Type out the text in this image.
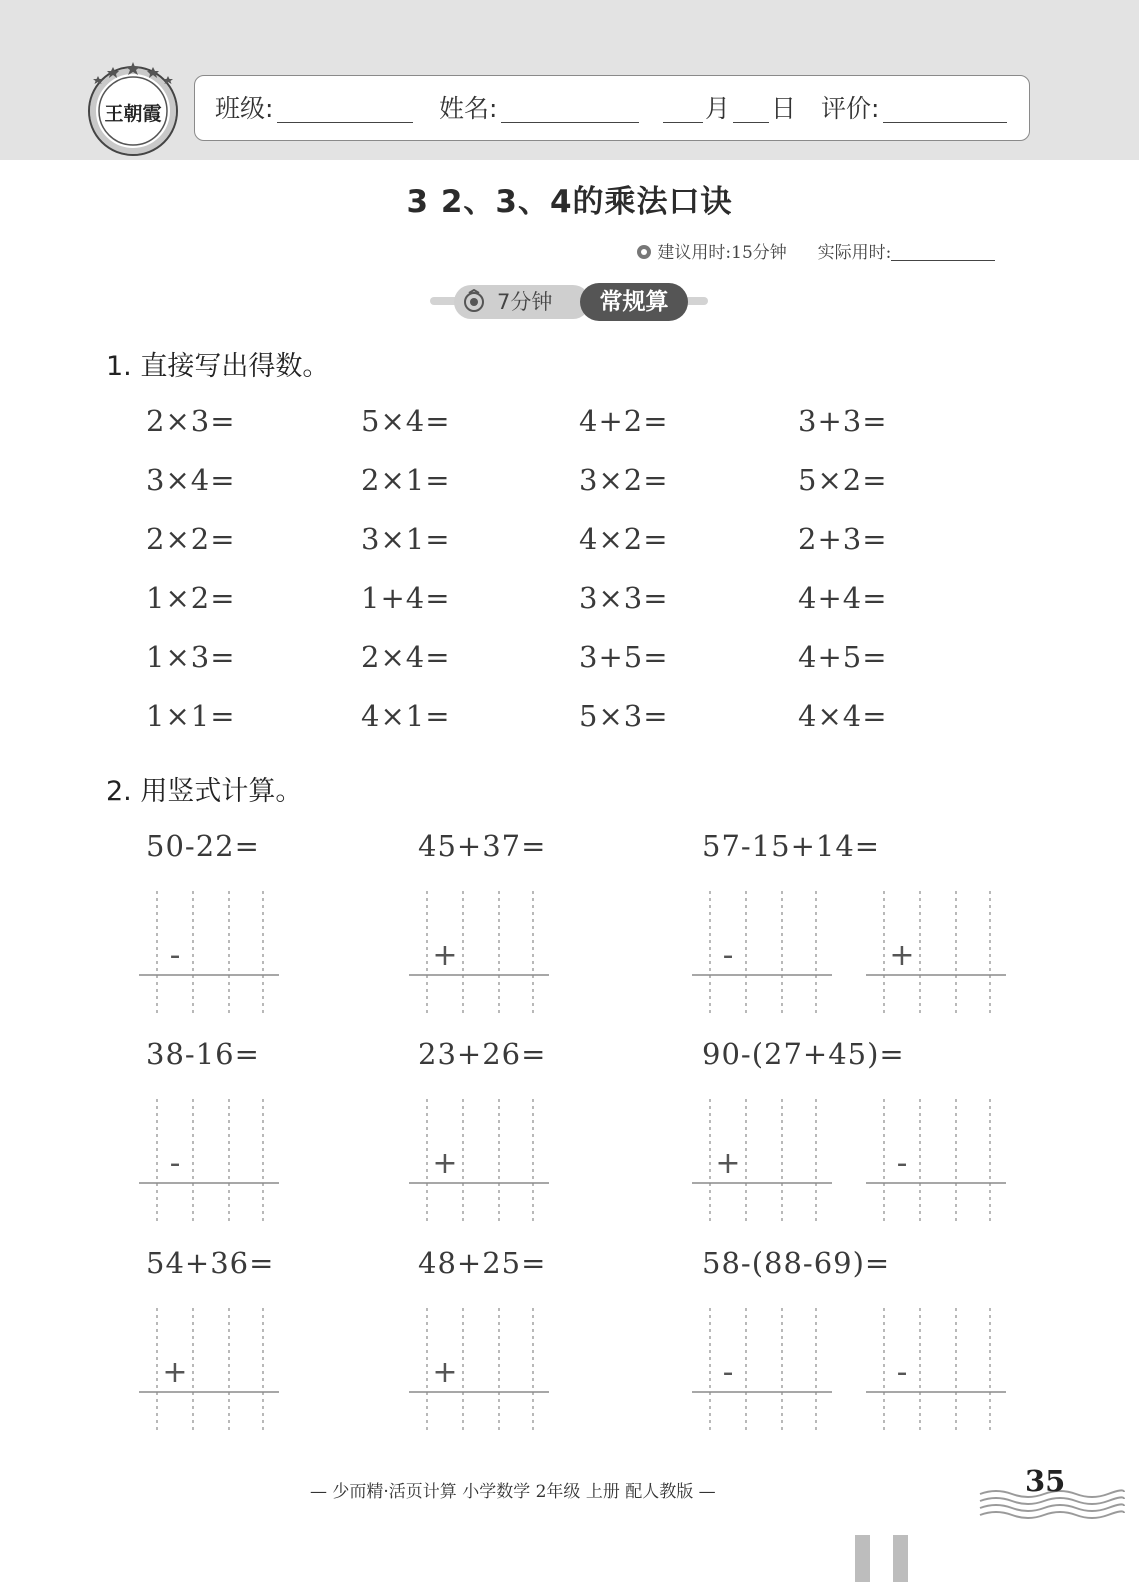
王朝霞 班级:	姓名:	月 日 评价:
3 2、3、4的乘法口诀
建议用时:15分钟 实际用时:
7分钟	常规算
1. 直接写出得数。
2×3=	5×4=	4+2=	3+3=
3×4=	2×1=	3×2=	5×2=
2×2=	3×1=	4×2=	2+3=
1×2=	1+4=	3×3=	4+4=
1×3=	2×4=	3+5=	4+5=
1×1=	4×1=	5×3=	4×4=
2. 用竖式计算。
50-22=
-
45+37=
+
57-15+14=
-	+
38-16=
-
23+26=
+
90-(27+45)=
+	-
54+36=
+
48+25=
+
58-(88-69)=
-	-
— 少而精·活页计算 小学数学 2年级 上册 配人教版 —	35
